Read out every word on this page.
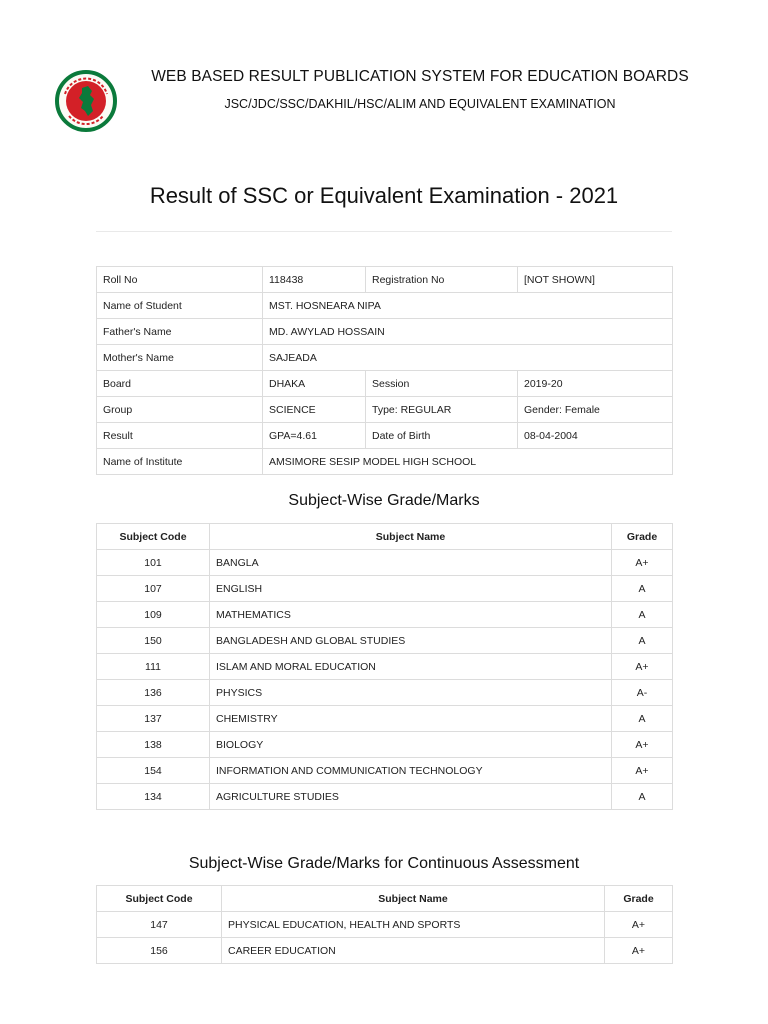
WEB BASED RESULT PUBLICATION SYSTEM FOR EDUCATION BOARDS
JSC/JDC/SSC/DAKHIL/HSC/ALIM AND EQUIVALENT EXAMINATION
Result of SSC or Equivalent Examination - 2021
Roll No	118438	Registration No	[NOT SHOWN]
Name of Student	MST. HOSNEARA NIPA		
Father's Name	MD. AWYLAD HOSSAIN		
Mother's Name	SAJEADA		
Board	DHAKA	Session	2019-20
Group	SCIENCE	Type: REGULAR	Gender: Female
Result	GPA=4.61	Date of Birth	08-04-2004
Name of Institute	AMSIMORE SESIP MODEL HIGH SCHOOL		
Subject-Wise Grade/Marks
Subject Code	Subject Name	Grade
101	BANGLA	A+
107	ENGLISH	A
109	MATHEMATICS	A
150	BANGLADESH AND GLOBAL STUDIES	A
111	ISLAM AND MORAL EDUCATION	A+
136	PHYSICS	A-
137	CHEMISTRY	A
138	BIOLOGY	A+
154	INFORMATION AND COMMUNICATION TECHNOLOGY	A+
134	AGRICULTURE STUDIES	A
Subject-Wise Grade/Marks for Continuous Assessment
Subject Code	Subject Name	Grade
147	PHYSICAL EDUCATION, HEALTH AND SPORTS	A+
156	CAREER EDUCATION	A+
